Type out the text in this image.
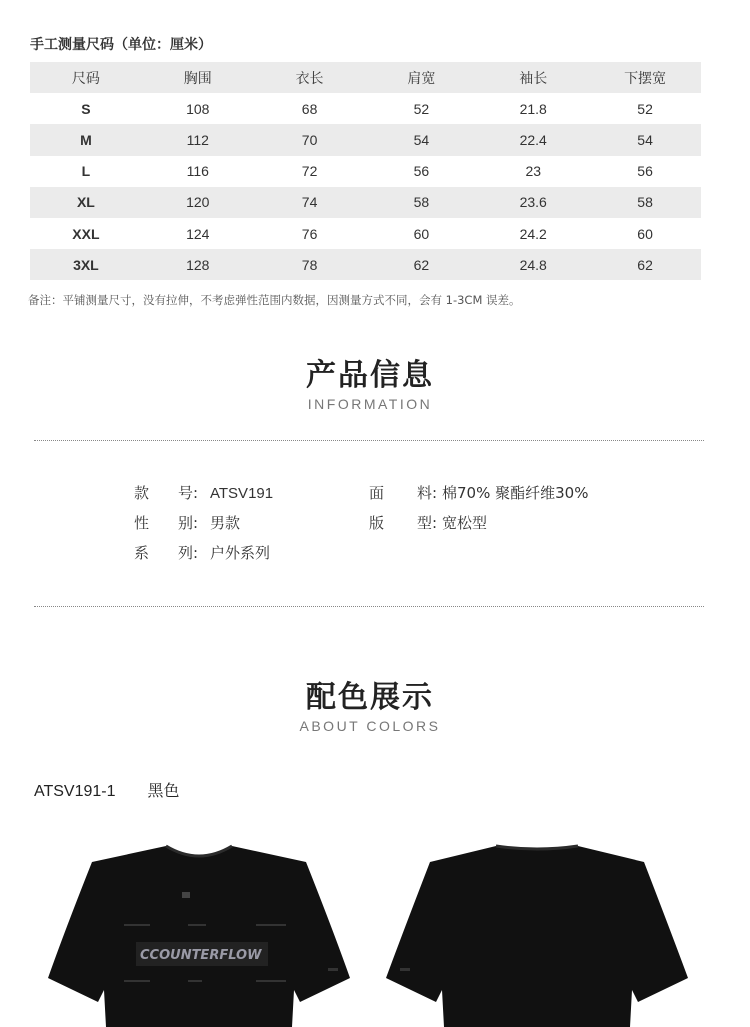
手工测量尺码（单位：厘米）
尺码	胸围	衣长	肩宽	袖长	下摆宽
S	108	68	52	21.8	52
M	112	70	54	22.4	54
L	116	72	56	23	56
XL	120	74	58	23.6	58
XXL	124	76	60	24.2	60
3XL	128	78	62	24.8	62
备注：平铺测量尺寸，没有拉伸，不考虑弹性范围内数据，因测量方式不同，会有 1-3CM 误差。
产品信息
INFORMATION
款 号: ATSV191	面 料: 棉70% 聚酯纤维30%
性 别: 男款	版 型: 宽松型
系 列: 户外系列
配色展示
ABOUT COLORS
ATSV191-1 黑色
CCOUNTERFLOW
